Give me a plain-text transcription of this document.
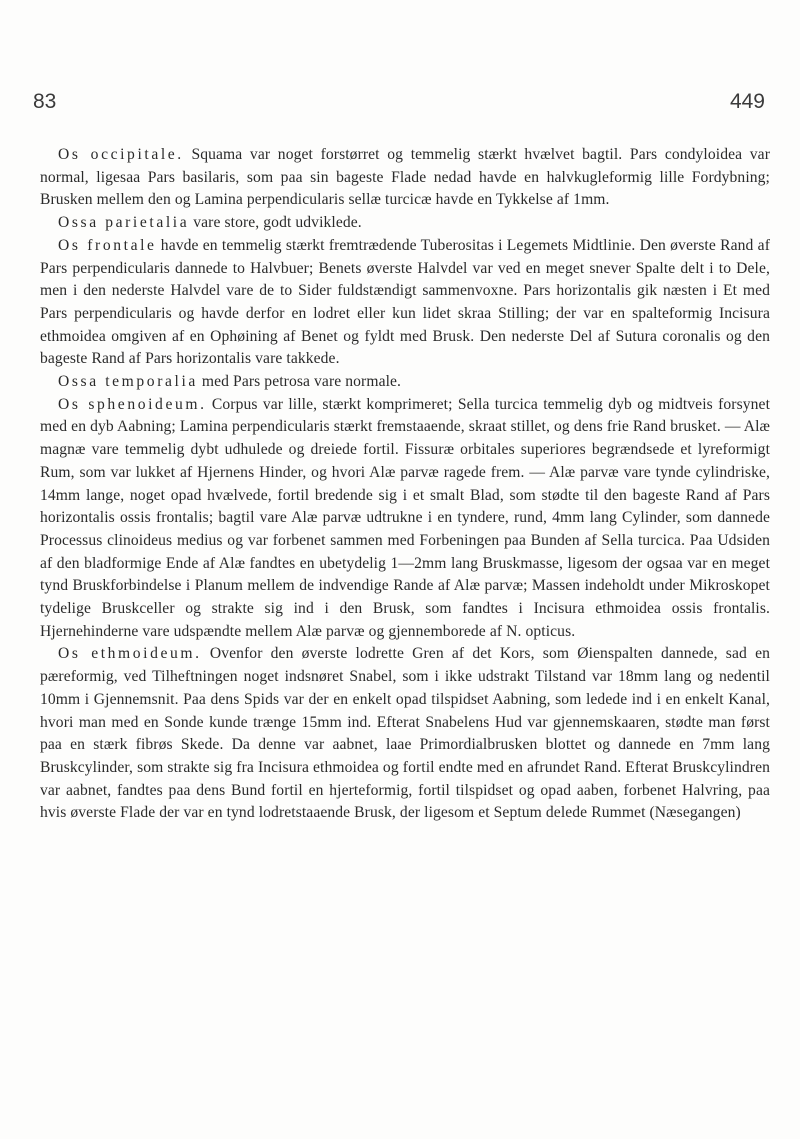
83	449

Os occipitale. Squama var noget forstørret og temmelig stærkt hvælvet bagtil. Pars condyloidea var normal, ligesaa Pars basilaris, som paa sin bageste Flade nedad havde en halvkugleformig lille Fordybning; Brusken mellem den og Lamina perpendicularis sellæ turcicæ havde en Tykkelse af 1mm.

Ossa parietalia vare store, godt udviklede.

Os frontale havde en temmelig stærkt fremtrædende Tuberositas i Legemets Midtlinie. Den øverste Rand af Pars perpendicularis dannede to Halvbuer; Benets øverste Halvdel var ved en meget snever Spalte delt i to Dele, men i den nederste Halvdel vare de to Sider fuldstændigt sammenvoxne. Pars horizontalis gik næsten i Et med Pars perpendicularis og havde derfor en lodret eller kun lidet skraa Stilling; der var en spalteformig Incisura ethmoidea omgiven af en Ophøining af Benet og fyldt med Brusk. Den nederste Del af Sutura coronalis og den bageste Rand af Pars horizontalis vare takkede.

Ossa temporalia med Pars petrosa vare normale.

Os sphenoideum. Corpus var lille, stærkt komprimeret; Sella turcica temmelig dyb og midtveis forsynet med en dyb Aabning; Lamina perpendicularis stærkt fremstaaende, skraat stillet, og dens frie Rand brusket. — Alæ magnæ vare temmelig dybt udhulede og dreiede fortil. Fissuræ orbitales superiores begrændsede et lyreformigt Rum, som var lukket af Hjernens Hinder, og hvori Alæ parvæ ragede frem. — Alæ parvæ vare tynde cylindriske, 14mm lange, noget opad hvælvede, fortil bredende sig i et smalt Blad, som stødte til den bageste Rand af Pars horizontalis ossis frontalis; bagtil vare Alæ parvæ udtrukne i en tyndere, rund, 4mm lang Cylinder, som dannede Processus clinoideus medius og var forbenet sammen med Forbeningen paa Bunden af Sella turcica. Paa Udsiden af den bladformige Ende af Alæ fandtes en ubetydelig 1—2mm lang Bruskmasse, ligesom der ogsaa var en meget tynd Bruskforbindelse i Planum mellem de indvendige Rande af Alæ parvæ; Massen indeholdt under Mikroskopet tydelige Bruskceller og strakte sig ind i den Brusk, som fandtes i Incisura ethmoidea ossis frontalis. Hjernehinderne vare udspændte mellem Alæ parvæ og gjennemborede af N. opticus.

Os ethmoideum. Ovenfor den øverste lodrette Gren af det Kors, som Øienspalten dannede, sad en pæreformig, ved Tilheftningen noget indsnøret Snabel, som i ikke udstrakt Tilstand var 18mm lang og nedentil 10mm i Gjennemsnit. Paa dens Spids var der en enkelt opad tilspidset Aabning, som ledede ind i en enkelt Kanal, hvori man med en Sonde kunde trænge 15mm ind. Efterat Snabelens Hud var gjennemskaaren, stødte man først paa en stærk fibrøs Skede. Da denne var aabnet, laae Primordialbrusken blottet og dannede en 7mm lang Bruskcylinder, som strakte sig fra Incisura ethmoidea og fortil endte med en afrundet Rand. Efterat Bruskcylindren var aabnet, fandtes paa dens Bund fortil en hjerteformig, fortil tilspidset og opad aaben, forbenet Halvring, paa hvis øverste Flade der var en tynd lodretstaaende Brusk, der ligesom et Septum delede Rummet (Næsegangen)
